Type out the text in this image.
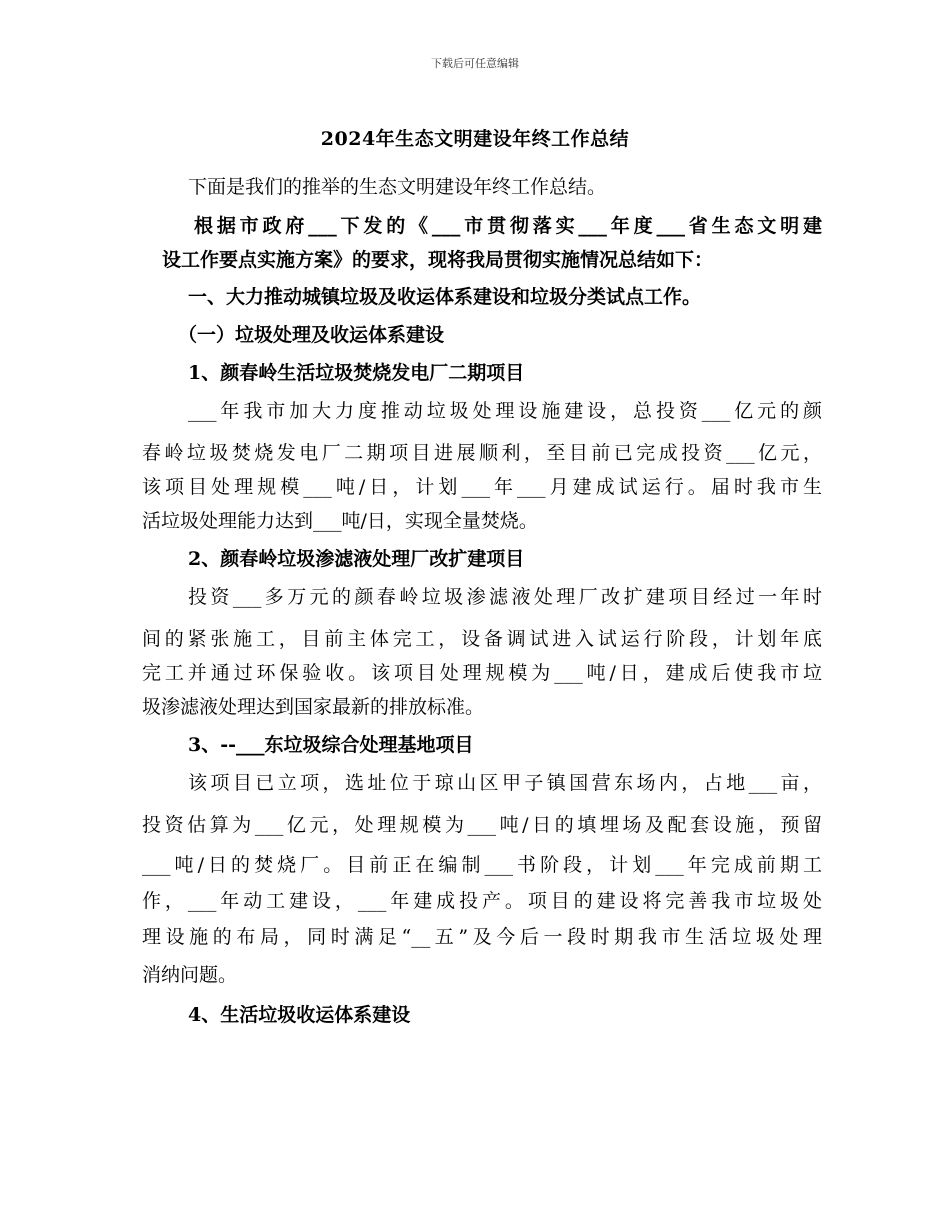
下载后可任意编辑
2024年生态文明建设年终工作总结
下面是我们的推举的生态文明建设年终工作总结。
根据市政府___下发的《___市贯彻落实___年度___省生态文明建
设工作要点实施方案》的要求，现将我局贯彻实施情况总结如下：
一、大力推动城镇垃圾及收运体系建设和垃圾分类试点工作。
（一）垃圾处理及收运体系建设
1、颜春岭生活垃圾焚烧发电厂二期项目
___年我市加大力度推动垃圾处理设施建设，总投资___亿元的颜
春岭垃圾焚烧发电厂二期项目进展顺利，至目前已完成投资___亿元，
该项目处理规模___吨/日，计划___年___月建成试运行。届时我市生
活垃圾处理能力达到___吨/日，实现全量焚烧。
2、颜春岭垃圾渗滤液处理厂改扩建项目
投资___多万元的颜春岭垃圾渗滤液处理厂改扩建项目经过一年时
间的紧张施工，目前主体完工，设备调试进入试运行阶段，计划年底
完工并通过环保验收。该项目处理规模为___吨/日，建成后使我市垃
圾渗滤液处理达到国家最新的排放标准。
3、--___东垃圾综合处理基地项目
该项目已立项，选址位于琼山区甲子镇国营东场内，占地___亩，
投资估算为___亿元，处理规模为___吨/日的填埋场及配套设施，预留
___吨/日的焚烧厂。目前正在编制___书阶段，计划___年完成前期工
作，___年动工建设，___年建成投产。项目的建设将完善我市垃圾处
理设施的布局，同时满足“__五”及今后一段时期我市生活垃圾处理
消纳问题。
4、生活垃圾收运体系建设
